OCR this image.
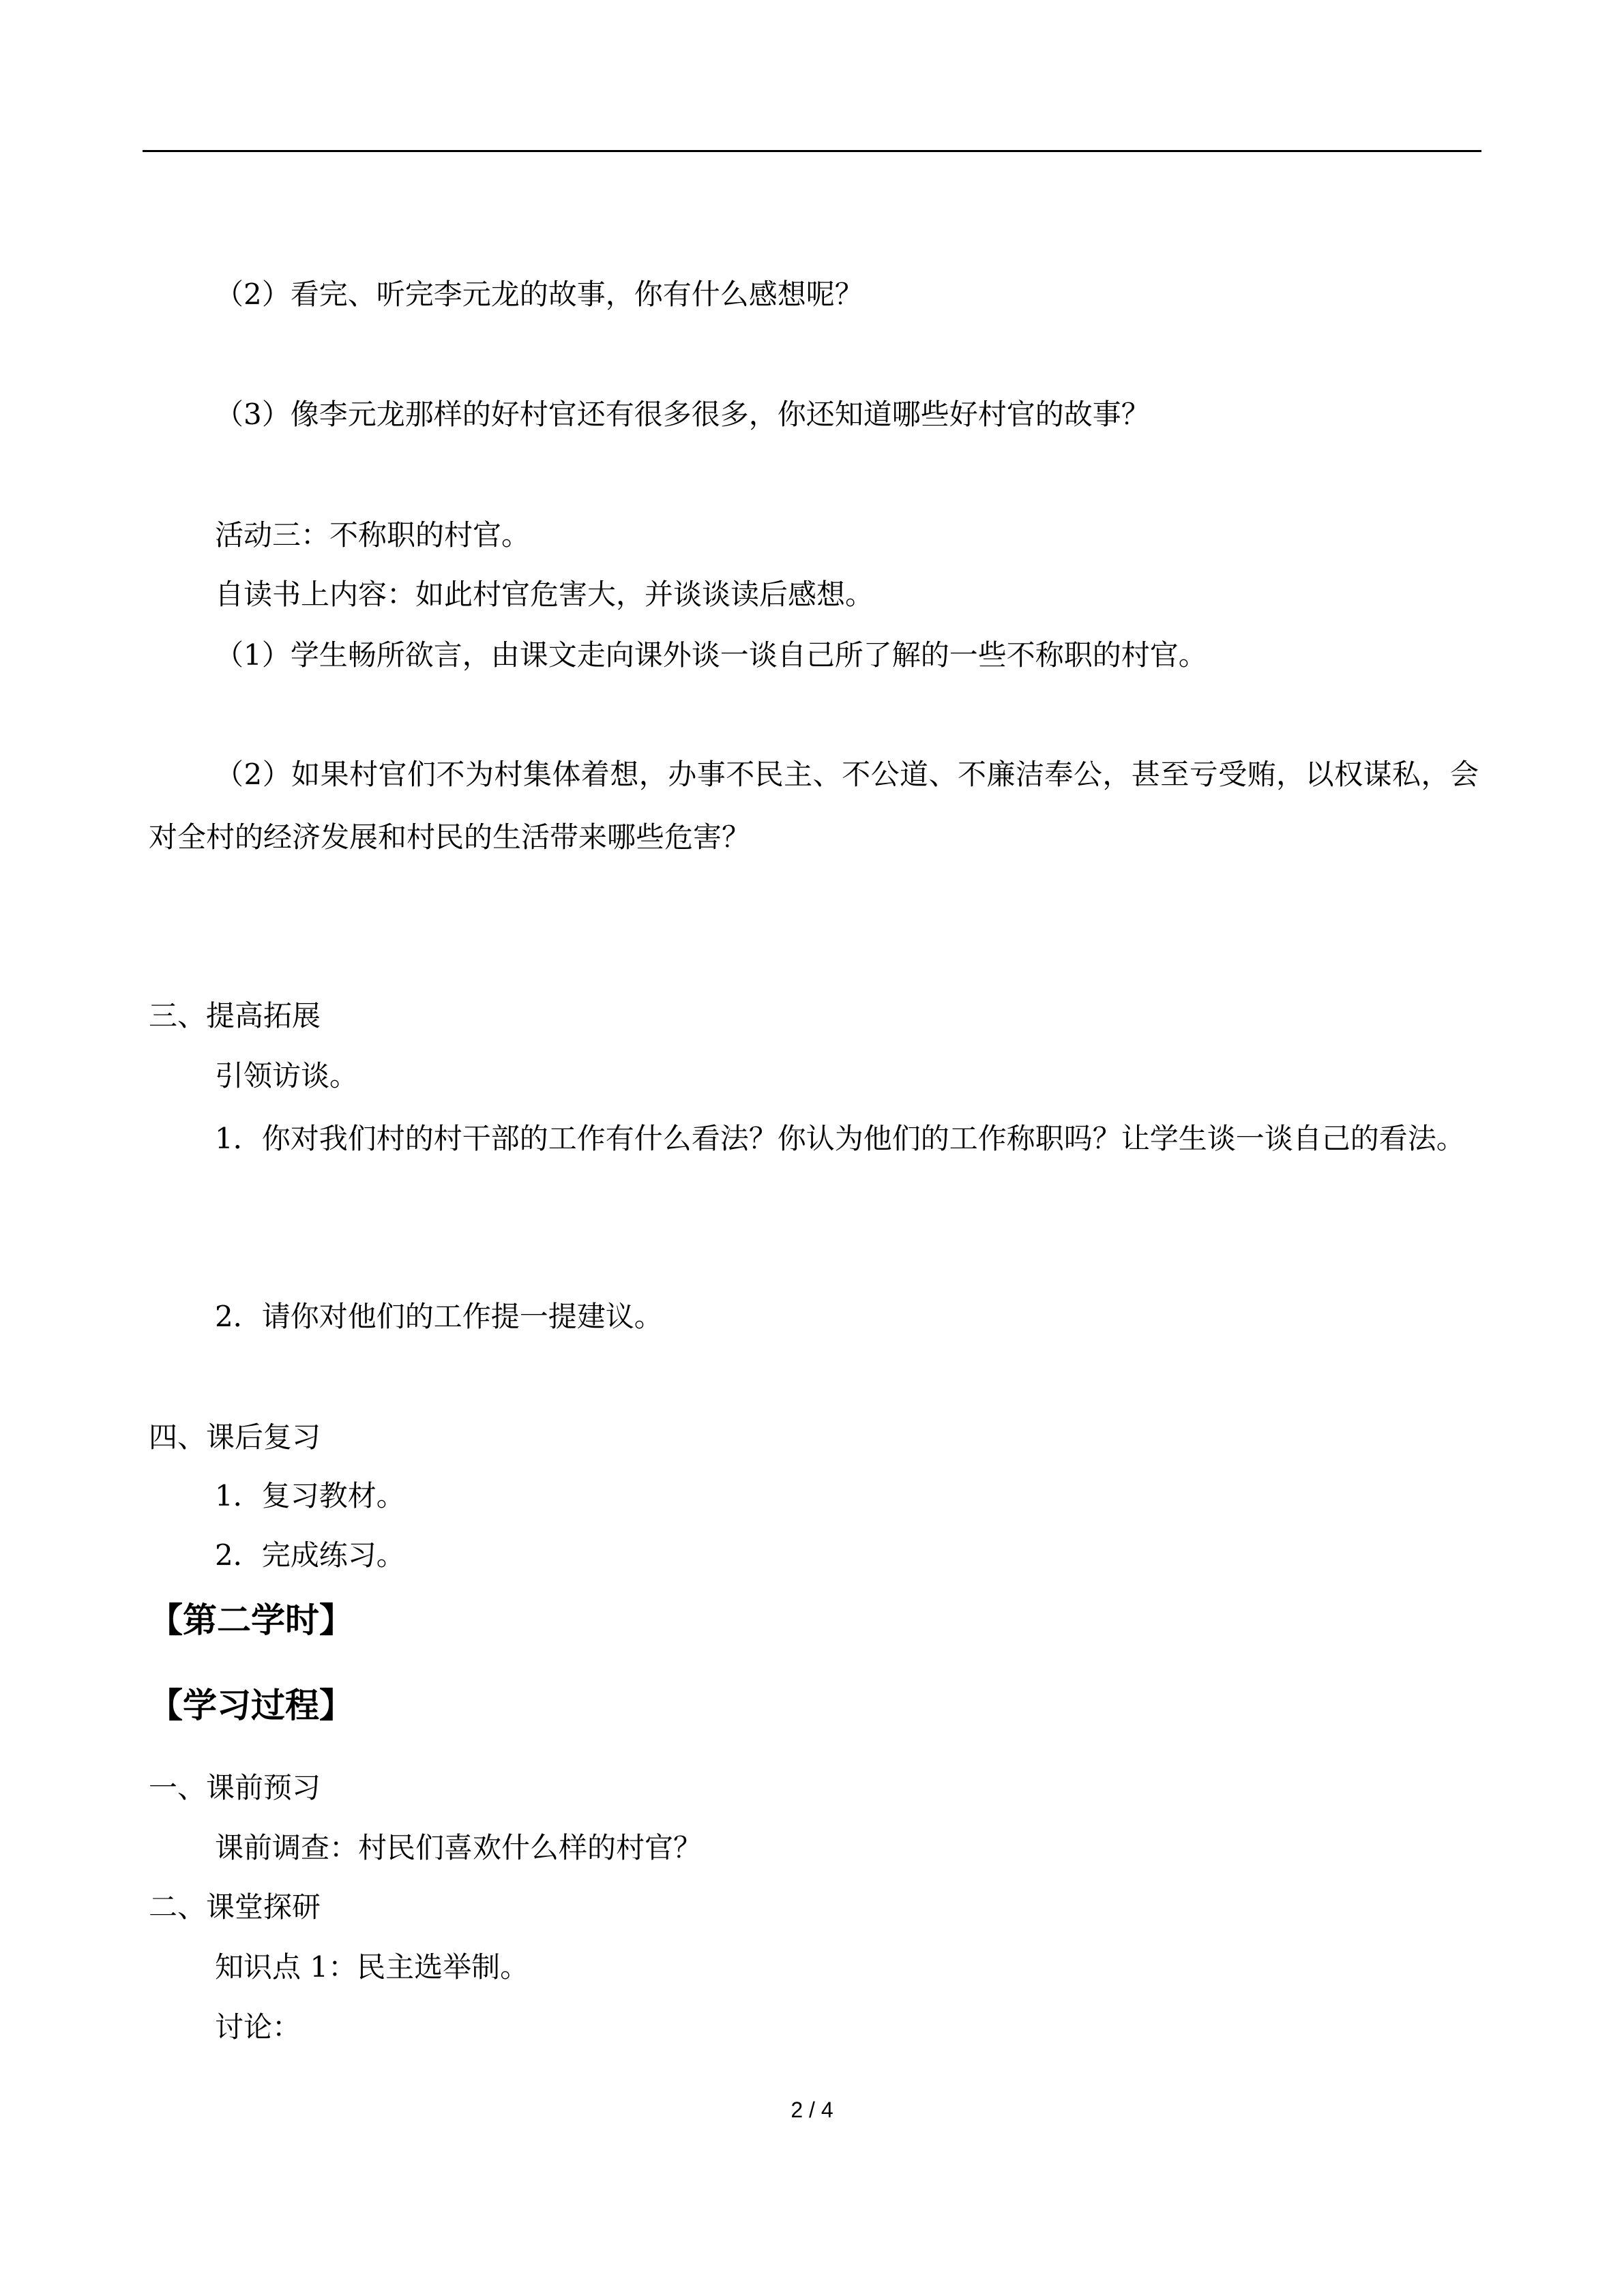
（2）看完、听完李元龙的故事，你有什么感想呢？

（3）像李元龙那样的好村官还有很多很多，你还知道哪些好村官的故事？

活动三：不称职的村官。

自读书上内容：如此村官危害大，并谈谈读后感想。

（1）学生畅所欲言，由课文走向课外谈一谈自己所了解的一些不称职的村官。

（2）如果村官们不为村集体着想，办事不民主、不公道、不廉洁奉公，甚至亏受贿，以权谋私，会对全村的经济发展和村民的生活带来哪些危害？

三、提高拓展

引领访谈。

1．你对我们村的村干部的工作有什么看法？你认为他们的工作称职吗？让学生谈一谈自己的看法。

2．请你对他们的工作提一提建议。

四、课后复习

1．复习教材。

2．完成练习。

【第二学时】

【学习过程】

一、课前预习

课前调查：村民们喜欢什么样的村官？

二、课堂探研

知识点 1：民主选举制。

讨论：

2 / 4
